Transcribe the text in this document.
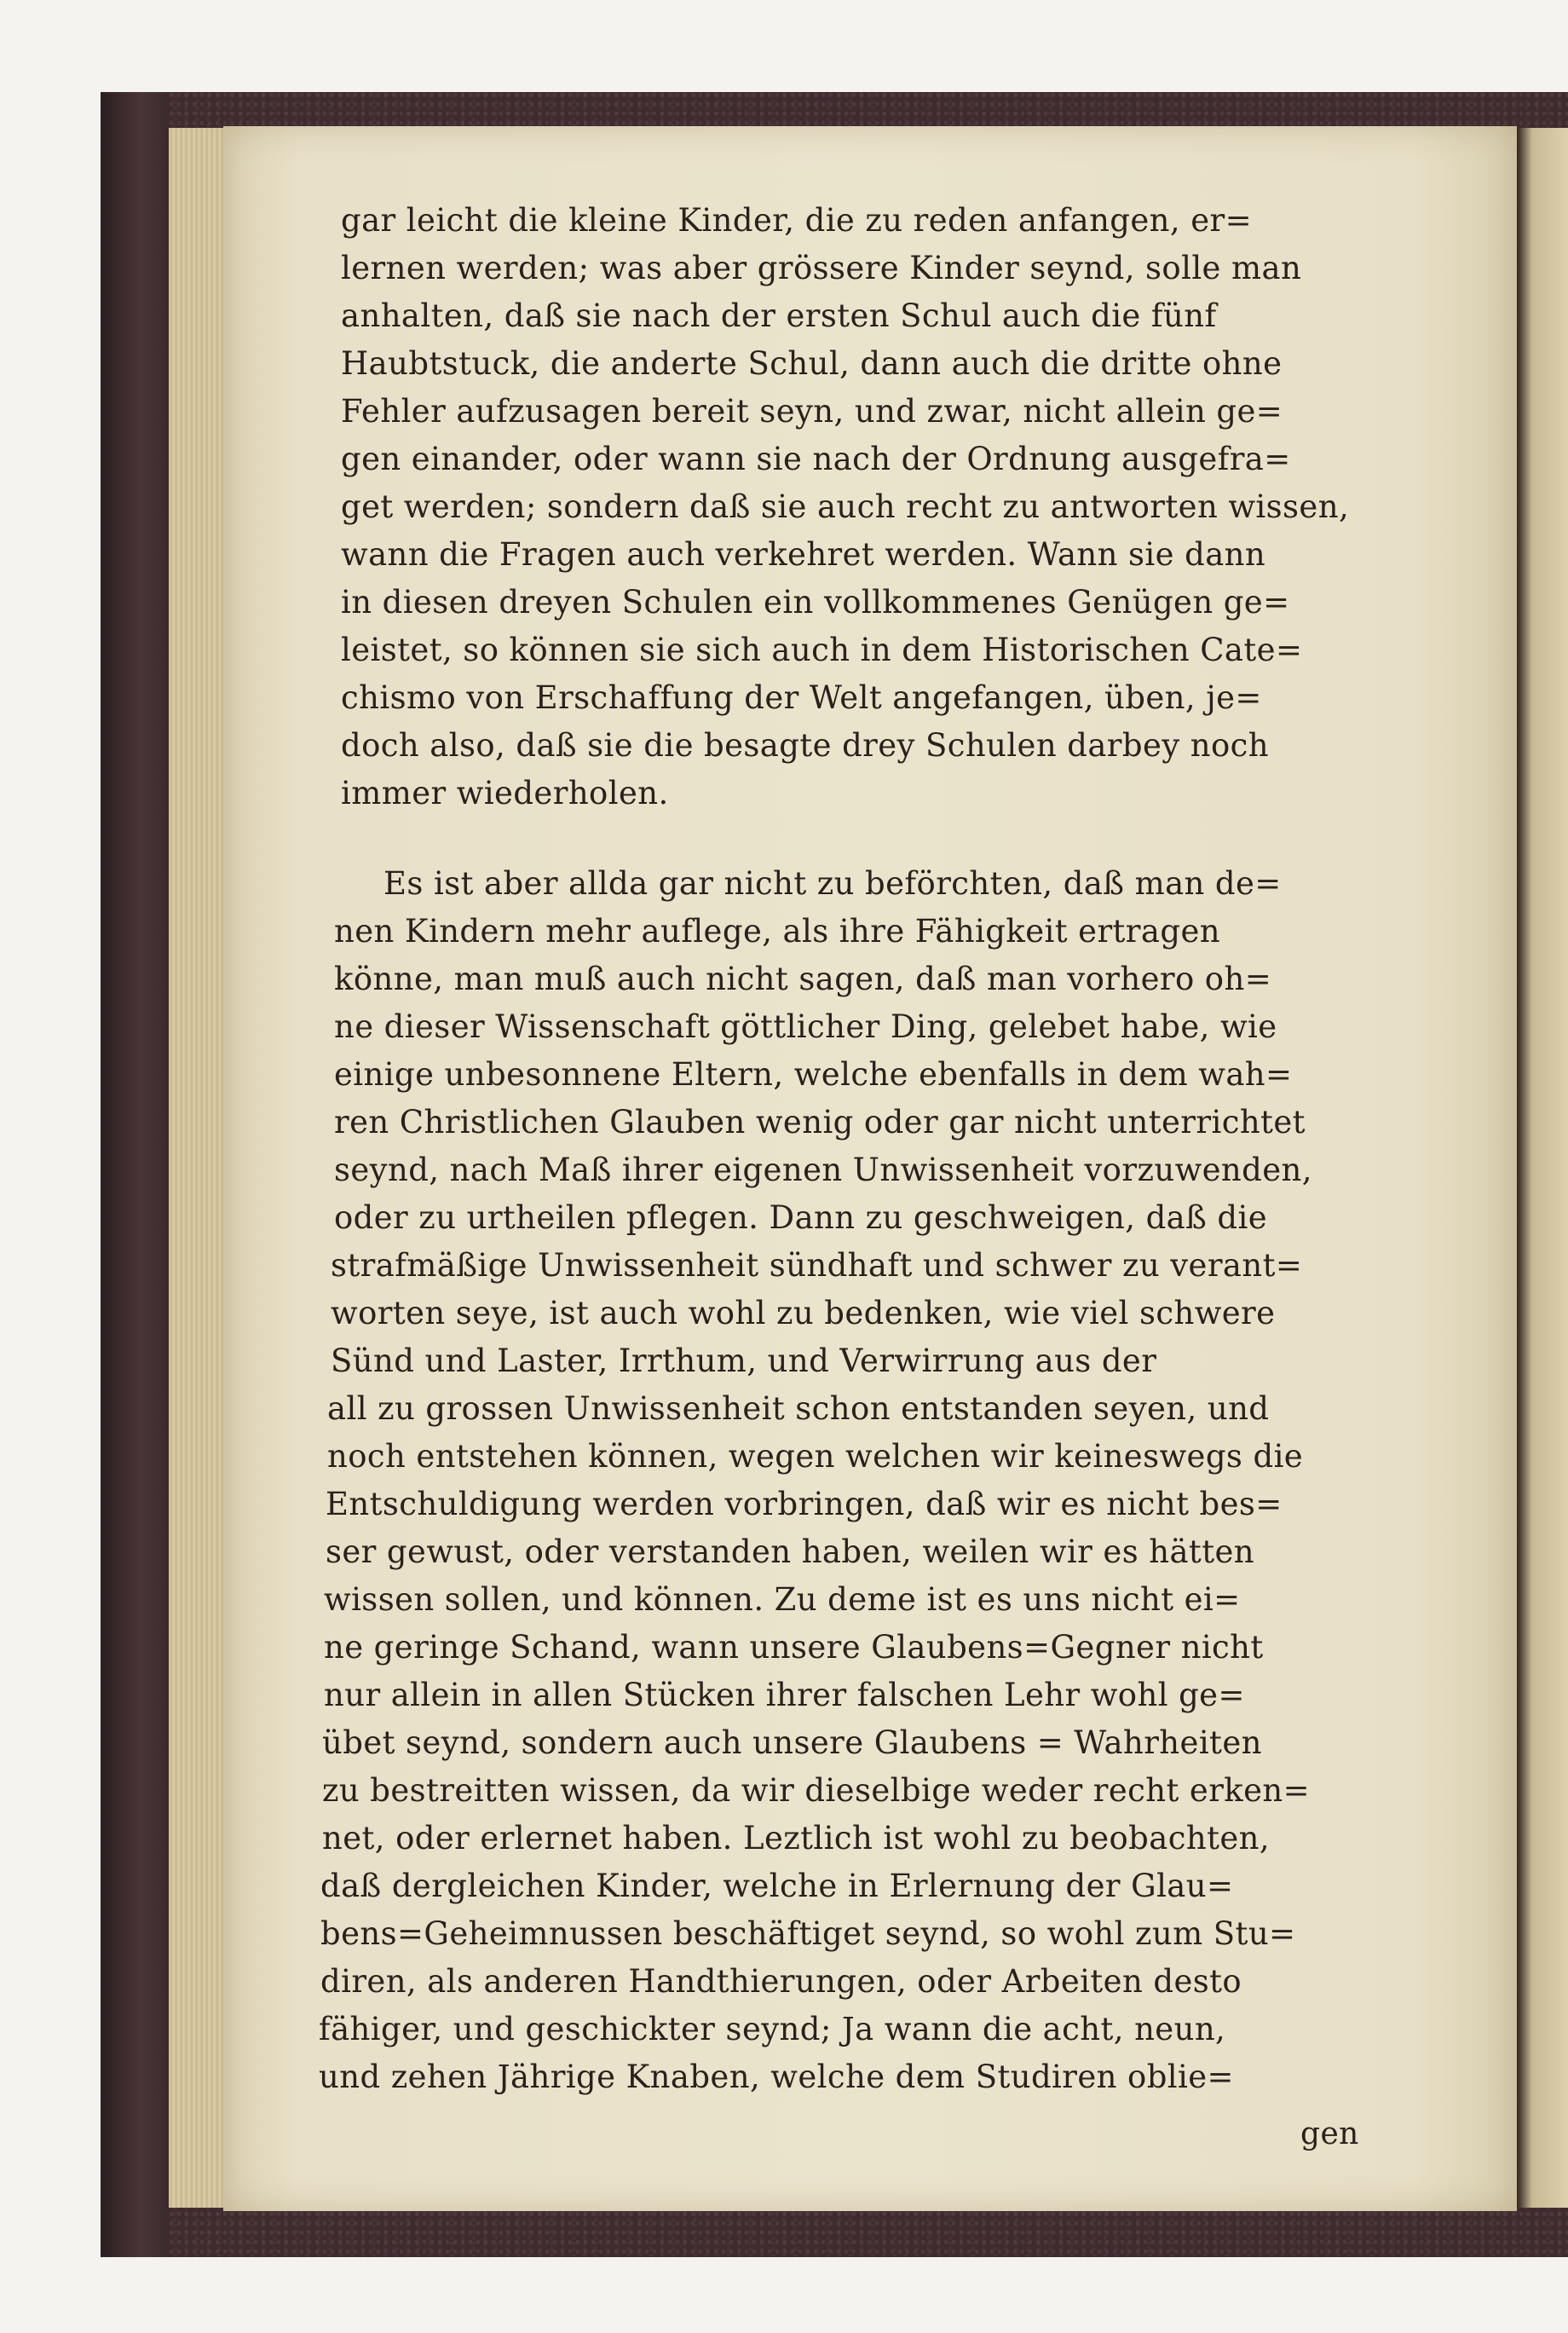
gar leicht die kleine Kinder, die zu reden anfangen, er=
lernen werden; was aber grössere Kinder seynd, solle man
anhalten, daß sie nach der ersten Schul auch die fünf
Haubtstuck, die anderte Schul, dann auch die dritte ohne
Fehler aufzusagen bereit seyn, und zwar, nicht allein ge=
gen einander, oder wann sie nach der Ordnung ausgefra=
get werden; sondern daß sie auch recht zu antworten wissen,
wann die Fragen auch verkehret werden. Wann sie dann
in diesen dreyen Schulen ein vollkommenes Genügen ge=
leistet, so können sie sich auch in dem Historischen Cate=
chismo von Erschaffung der Welt angefangen, üben, je=
doch also, daß sie die besagte drey Schulen darbey noch
immer wiederholen.
Es ist aber allda gar nicht zu beförchten, daß man de=
nen Kindern mehr auflege, als ihre Fähigkeit ertragen
könne, man muß auch nicht sagen, daß man vorhero oh=
ne dieser Wissenschaft göttlicher Ding, gelebet habe, wie
einige unbesonnene Eltern, welche ebenfalls in dem wah=
ren Christlichen Glauben wenig oder gar nicht unterrichtet
seynd, nach Maß ihrer eigenen Unwissenheit vorzuwenden,
oder zu urtheilen pflegen. Dann zu geschweigen, daß die
strafmäßige Unwissenheit sündhaft und schwer zu verant=
worten seye, ist auch wohl zu bedenken, wie viel schwere
Sünd und Laster, Irrthum, und Verwirrung aus der
all zu grossen Unwissenheit schon entstanden seyen, und
noch entstehen können, wegen welchen wir keineswegs die
Entschuldigung werden vorbringen, daß wir es nicht bes=
ser gewust, oder verstanden haben, weilen wir es hätten
wissen sollen, und können. Zu deme ist es uns nicht ei=
ne geringe Schand, wann unsere Glaubens=Gegner nicht
nur allein in allen Stücken ihrer falschen Lehr wohl ge=
übet seynd, sondern auch unsere Glaubens = Wahrheiten
zu bestreitten wissen, da wir dieselbige weder recht erken=
net, oder erlernet haben. Leztlich ist wohl zu beobachten,
daß dergleichen Kinder, welche in Erlernung der Glau=
bens=Geheimnussen beschäftiget seynd, so wohl zum Stu=
diren, als anderen Handthierungen, oder Arbeiten desto
fähiger, und geschickter seynd; Ja wann die acht, neun,
und zehen Jährige Knaben, welche dem Studiren oblie=
gen
